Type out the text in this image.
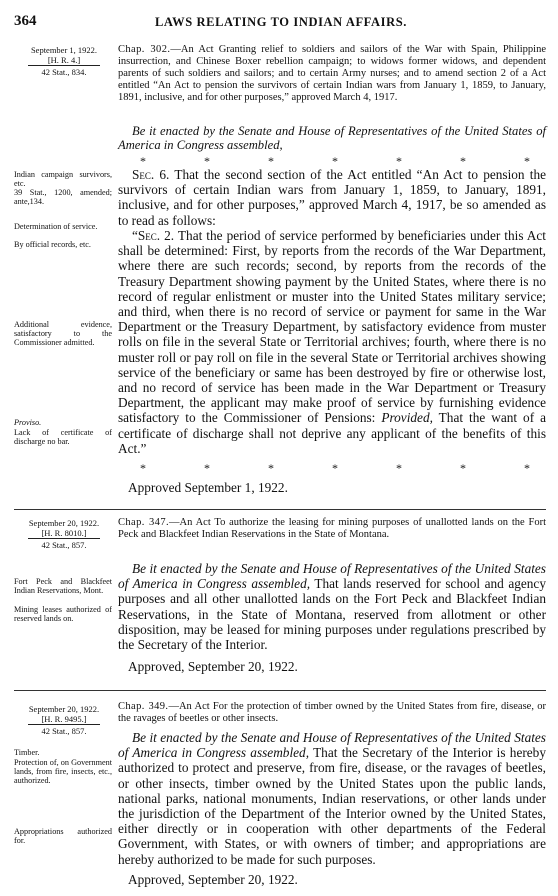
364	LAWS RELATING TO INDIAN AFFAIRS.
September 1, 1922.
[H. R. 4.]
42 Stat., 834.
Chap. 302.—An Act Granting relief to soldiers and sailors of the War with Spain, Philippine insurrection, and Chinese Boxer rebellion campaign; to widows former widows, and dependent parents of such soldiers and sailors; and to certain Army nurses; and to amend section 2 of a Act entitled “An Act to pension the survivors of certain Indian wars from January 1, 1859, to January, 1891, inclusive, and for other purposes,” approved March 4, 1917.
Be it enacted by the Senate and House of Representatives of the United States of America in Congress assembled,
*	*	*	*	*	*	*
Indian campaign survivors, etc.
39 Stat., 1200, amended; ante,134.
Determination of service.
By official records, etc.
Additional evidence, satisfactory to the Commissioner admitted.
Proviso.
Lack of certificate of discharge no bar.
Sec. 6. That the second section of the Act entitled “An Act to pension the survivors of certain Indian wars from January 1, 1859, to January, 1891, inclusive, and for other purposes,” approved March 4, 1917, be so amended as to read as follows:
“Sec. 2. That the period of service performed by beneficiaries under this Act shall be determined: First, by reports from the records of the War Department, where there are such records; second, by reports from the records of the Treasury Department showing payment by the United States, where there is no record of regular enlistment or muster into the United States military service; and third, when there is no record of service or payment for same in the War Department or the Treasury Department, by satisfactory evidence from muster rolls on file in the several State or Territorial archives; fourth, where there is no muster roll or pay roll on file in the several State or Territorial archives showing service of the beneficiary or same has been destroyed by fire or otherwise lost, and no record of service has been made in the War Department or Treasury Department, the applicant may make proof of service by furnishing evidence satisfactory to the Commissioner of Pensions: Provided, That the want of a certificate of discharge shall not deprive any applicant of the benefits of this Act.”
*	*	*	*	*	*	*
Approved September 1, 1922.
September 20, 1922.
[H. R. 8010.]
42 Stat., 857.
Chap. 347.—An Act To authorize the leasing for mining purposes of unallotted lands on the Fort Peck and Blackfeet Indian Reservations in the State of Montana.
Fort Peck and Blackfeet Indian Reservations, Mont.
Mining leases authorized of reserved lands on.
Be it enacted by the Senate and House of Representatives of the United States of America in Congress assembled, That lands reserved for school and agency purposes and all other unallotted lands on the Fort Peck and Blackfeet Indian Reservations, in the State of Montana, reserved from allotment or other disposition, may be leased for mining purposes under regulations prescribed by the Secretary of the Interior.
Approved, September 20, 1922.
September 20, 1922.
[H. R. 9495.]
42 Stat., 857.
Chap. 349.—An Act For the protection of timber owned by the United States from fire, disease, or the ravages of beetles or other insects.
Timber.
Protection of, on Government lands, from fire, insects, etc., authorized.
Appropriations authorized for.
Be it enacted by the Senate and House of Representatives of the United States of America in Congress assembled, That the Secretary of the Interior is hereby authorized to protect and preserve, from fire, disease, or the ravages of beetles, or other insects, timber owned by the United States upon the public lands, national parks, national monuments, Indian reservations, or other lands under the jurisdiction of the Department of the Interior owned by the United States, either directly or in cooperation with other departments of the Federal Government, with States, or with owners of timber; and appropriations are hereby authorized to be made for such purposes.
Approved, September 20, 1922.
